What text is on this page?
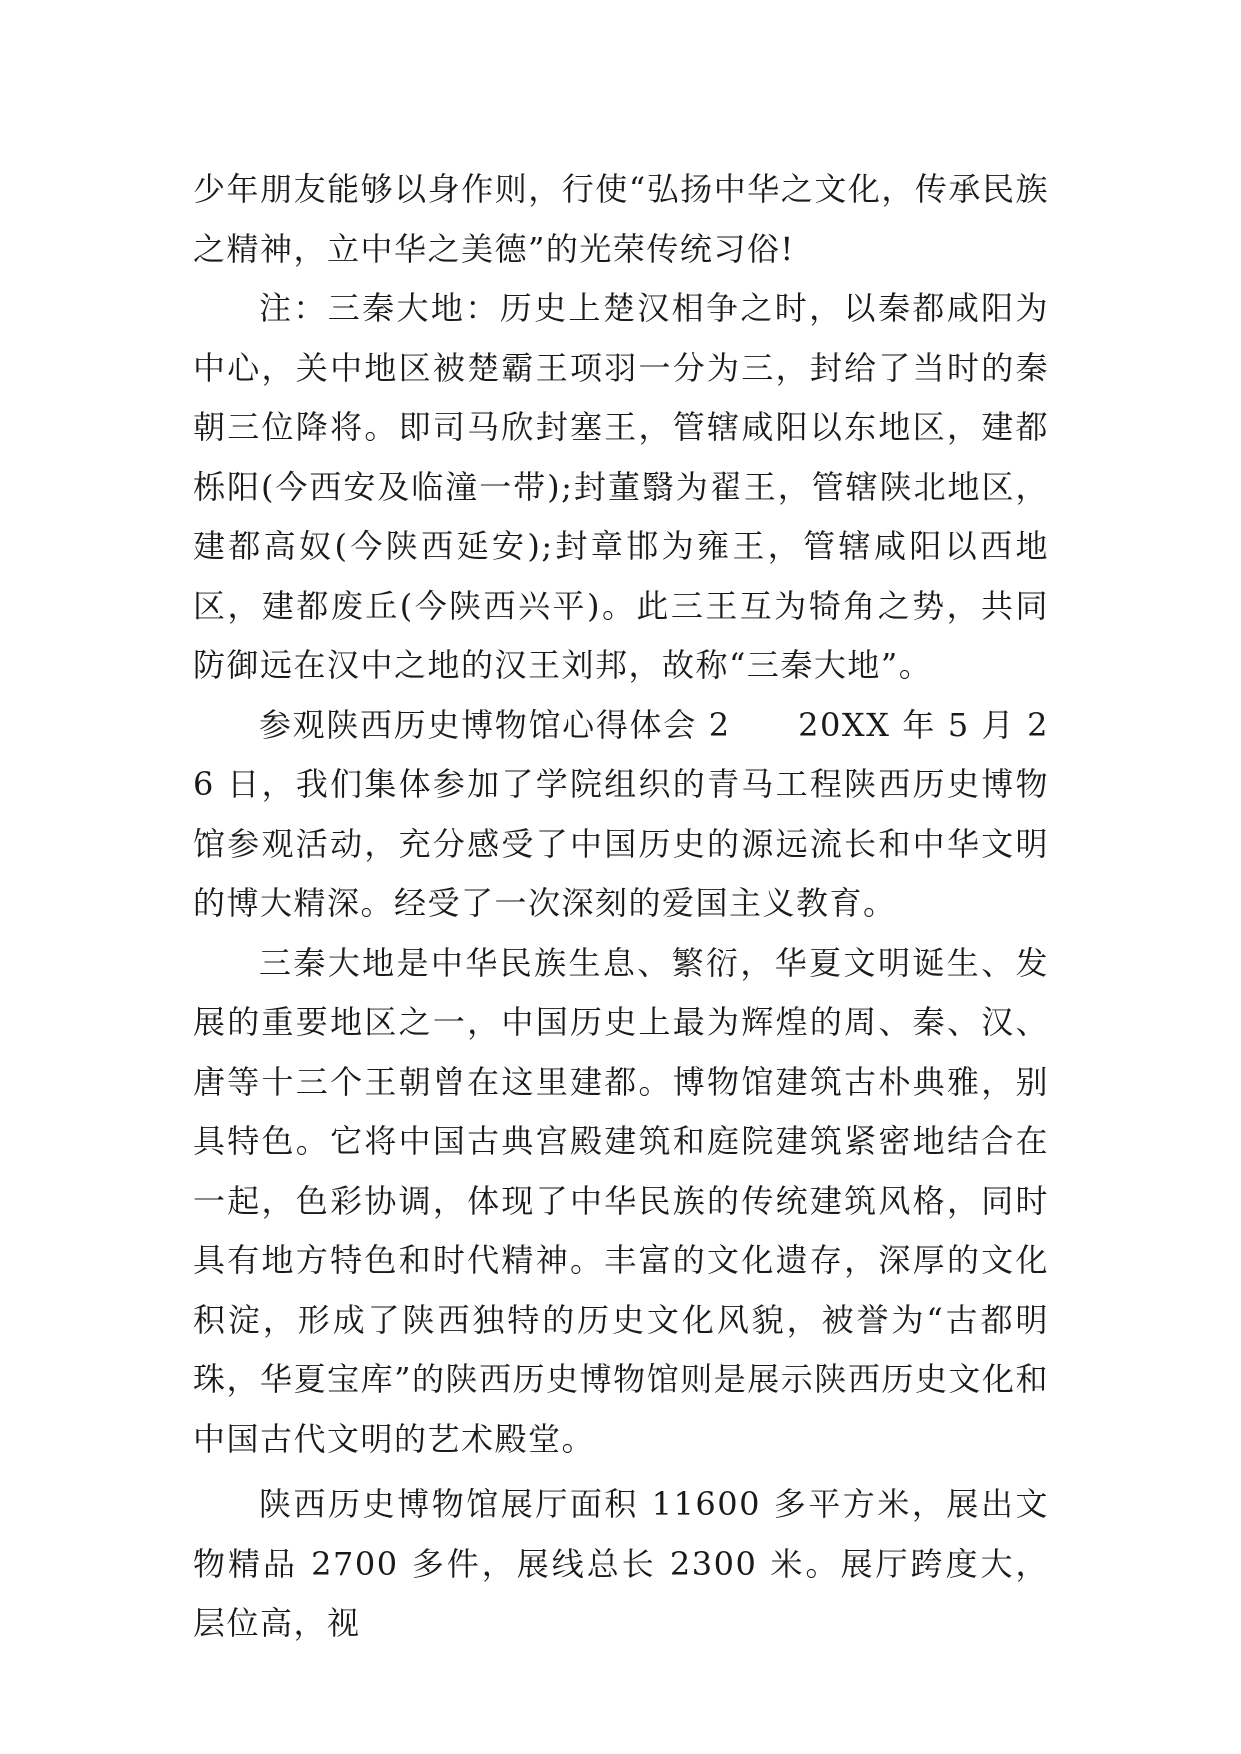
少年朋友能够以身作则，行使“弘扬中华之文化，传承民族之精神，立中华之美德”的光荣传统习俗!

注：三秦大地：历史上楚汉相争之时，以秦都咸阳为中心，关中地区被楚霸王项羽一分为三，封给了当时的秦朝三位降将。即司马欣封塞王，管辖咸阳以东地区，建都栎阳(今西安及临潼一带);封董翳为翟王，管辖陕北地区，建都高奴(今陕西延安);封章邯为雍王，管辖咸阳以西地区，建都废丘(今陕西兴平)。此三王互为犄角之势，共同防御远在汉中之地的汉王刘邦，故称“三秦大地”。

参观陕西历史博物馆心得体会 2　　20XX 年 5 月 26 日，我们集体参加了学院组织的青马工程陕西历史博物馆参观活动，充分感受了中国历史的源远流长和中华文明的博大精深。经受了一次深刻的爱国主义教育。

三秦大地是中华民族生息、繁衍，华夏文明诞生、发展的重要地区之一，中国历史上最为辉煌的周、秦、汉、唐等十三个王朝曾在这里建都。博物馆建筑古朴典雅，别具特色。它将中国古典宫殿建筑和庭院建筑紧密地结合在一起，色彩协调，体现了中华民族的传统建筑风格，同时具有地方特色和时代精神。丰富的文化遗存，深厚的文化积淀，形成了陕西独特的历史文化风貌，被誉为“古都明珠，华夏宝库”的陕西历史博物馆则是展示陕西历史文化和中国古代文明的艺术殿堂。

陕西历史博物馆展厅面积 11600 多平方米，展出文物精品 2700 多件，展线总长 2300 米。展厅跨度大，层位高，视
